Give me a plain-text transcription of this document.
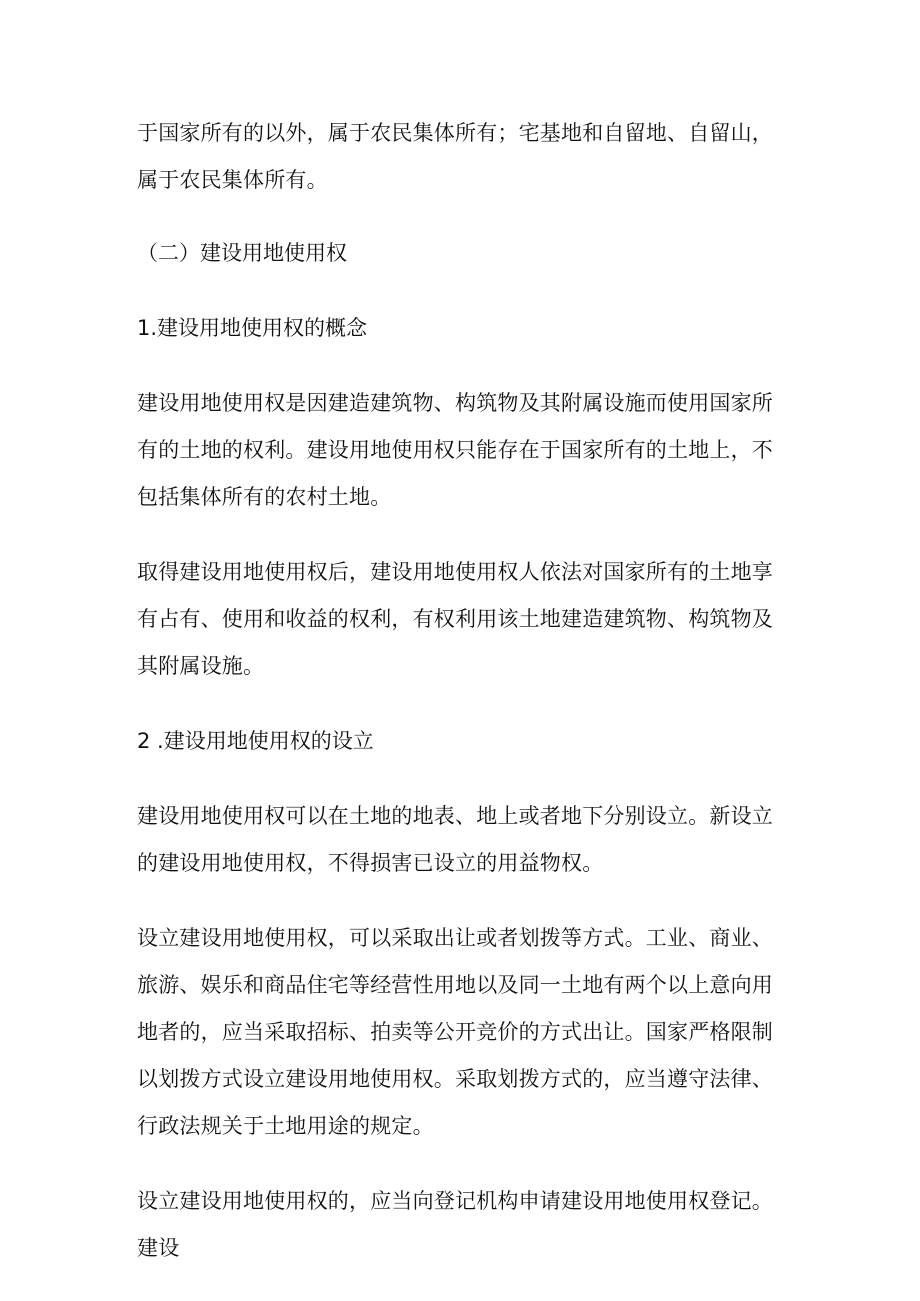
于国家所有的以外，属于农民集体所有；宅基地和自留地、自留山，属于农民集体所有。

（二）建设用地使用权

1.建设用地使用权的概念

建设用地使用权是因建造建筑物、构筑物及其附属设施而使用国家所有的土地的权利。建设用地使用权只能存在于国家所有的土地上，不包括集体所有的农村土地。

取得建设用地使用权后，建设用地使用权人依法对国家所有的土地享有占有、使用和收益的权利，有权利用该土地建造建筑物、构筑物及其附属设施。

2 .建设用地使用权的设立

建设用地使用权可以在土地的地表、地上或者地下分别设立。新设立的建设用地使用权，不得损害已设立的用益物权。

设立建设用地使用权，可以采取出让或者划拨等方式。工业、商业、旅游、娱乐和商品住宅等经营性用地以及同一土地有两个以上意向用地者的，应当采取招标、拍卖等公开竞价的方式出让。国家严格限制以划拨方式设立建设用地使用权。采取划拨方式的，应当遵守法律、行政法规关于土地用途的规定。

设立建设用地使用权的，应当向登记机构申请建设用地使用权登记。建设
